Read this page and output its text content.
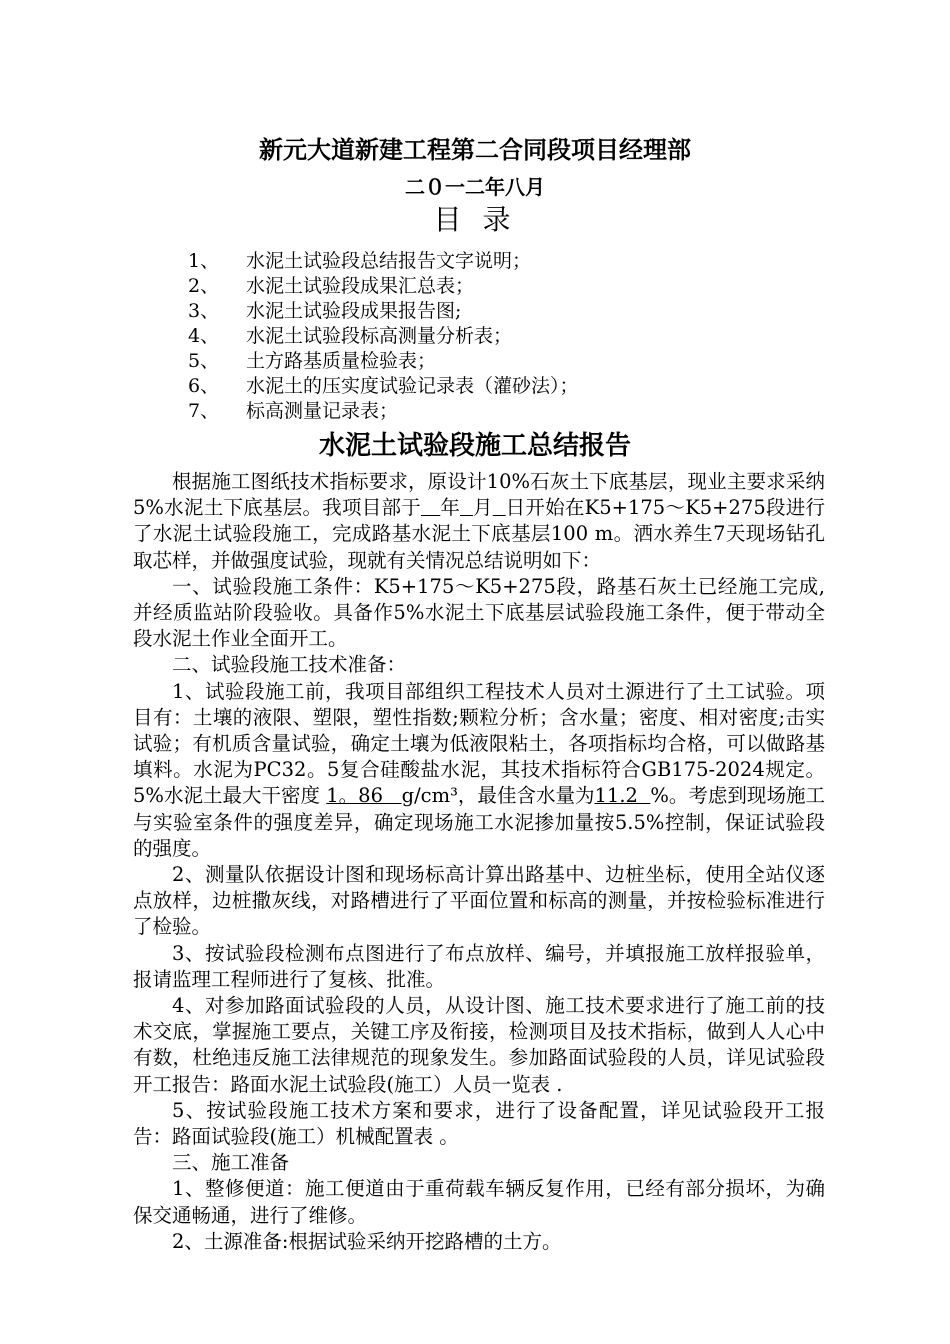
新元大道新建工程第二合同段项目经理部
二０一二年八月
目 录
1、 水泥土试验段总结报告文字说明；
2、 水泥土试验段成果汇总表；
3、 水泥土试验段成果报告图;
4、 水泥土试验段标高测量分析表；
5、 土方路基质量检验表；
6、 水泥土的压实度试验记录表（灌砂法）；
7、 标高测量记录表；
水泥土试验段施工总结报告

根据施工图纸技术指标要求，原设计10%石灰土下底基层，现业主要求采纳5%水泥土下底基层。我项目部于 年 月 日开始在K5+175～K5+275段进行了水泥土试验段施工，完成路基水泥土下底基层100 m。洒水养生7天现场钻孔取芯样，并做强度试验，现就有关情况总结说明如下：

一、试验段施工条件：K5+175～K5+275段，路基石灰土已经施工完成,并经质监站阶段验收。具备作5%水泥土下底基层试验段施工条件，便于带动全段水泥土作业全面开工。

二、试验段施工技术准备：

1、试验段施工前，我项目部组织工程技术人员对土源进行了土工试验。项目有：土壤的液限、塑限，塑性指数;颗粒分析；含水量；密度、相对密度;击实试验；有机质含量试验，确定土壤为低液限粘土，各项指标均合格，可以做路基填料。水泥为PC32。5复合硅酸盐水泥，其技术指标符合GB175-2024规定。5%水泥土最大干密度 1。86   g/cm³，最佳含水量为11.2  %。考虑到现场施工与实验室条件的强度差异，确定现场施工水泥掺加量按5.5%控制，保证试验段的强度。

2、测量队依据设计图和现场标高计算出路基中、边桩坐标，使用全站仪逐点放样，边桩撒灰线，对路槽进行了平面位置和标高的测量，并按检验标准进行了检验。

3、按试验段检测布点图进行了布点放样、编号，并填报施工放样报验单，报请监理工程师进行了复核、批准。

4、对参加路面试验段的人员，从设计图、施工技术要求进行了施工前的技术交底，掌握施工要点，关键工序及衔接，检测项目及技术指标，做到人人心中有数，杜绝违反施工法律规范的现象发生。参加路面试验段的人员，详见试验段开工报告：路面水泥土试验段(施工）人员一览表 .

5、按试验段施工技术方案和要求，进行了设备配置，详见试验段开工报告：路面试验段(施工）机械配置表 。

三、施工准备

1、整修便道：施工便道由于重荷载车辆反复作用，已经有部分损坏，为确保交通畅通，进行了维修。

2、土源准备:根据试验采纳开挖路槽的土方。
